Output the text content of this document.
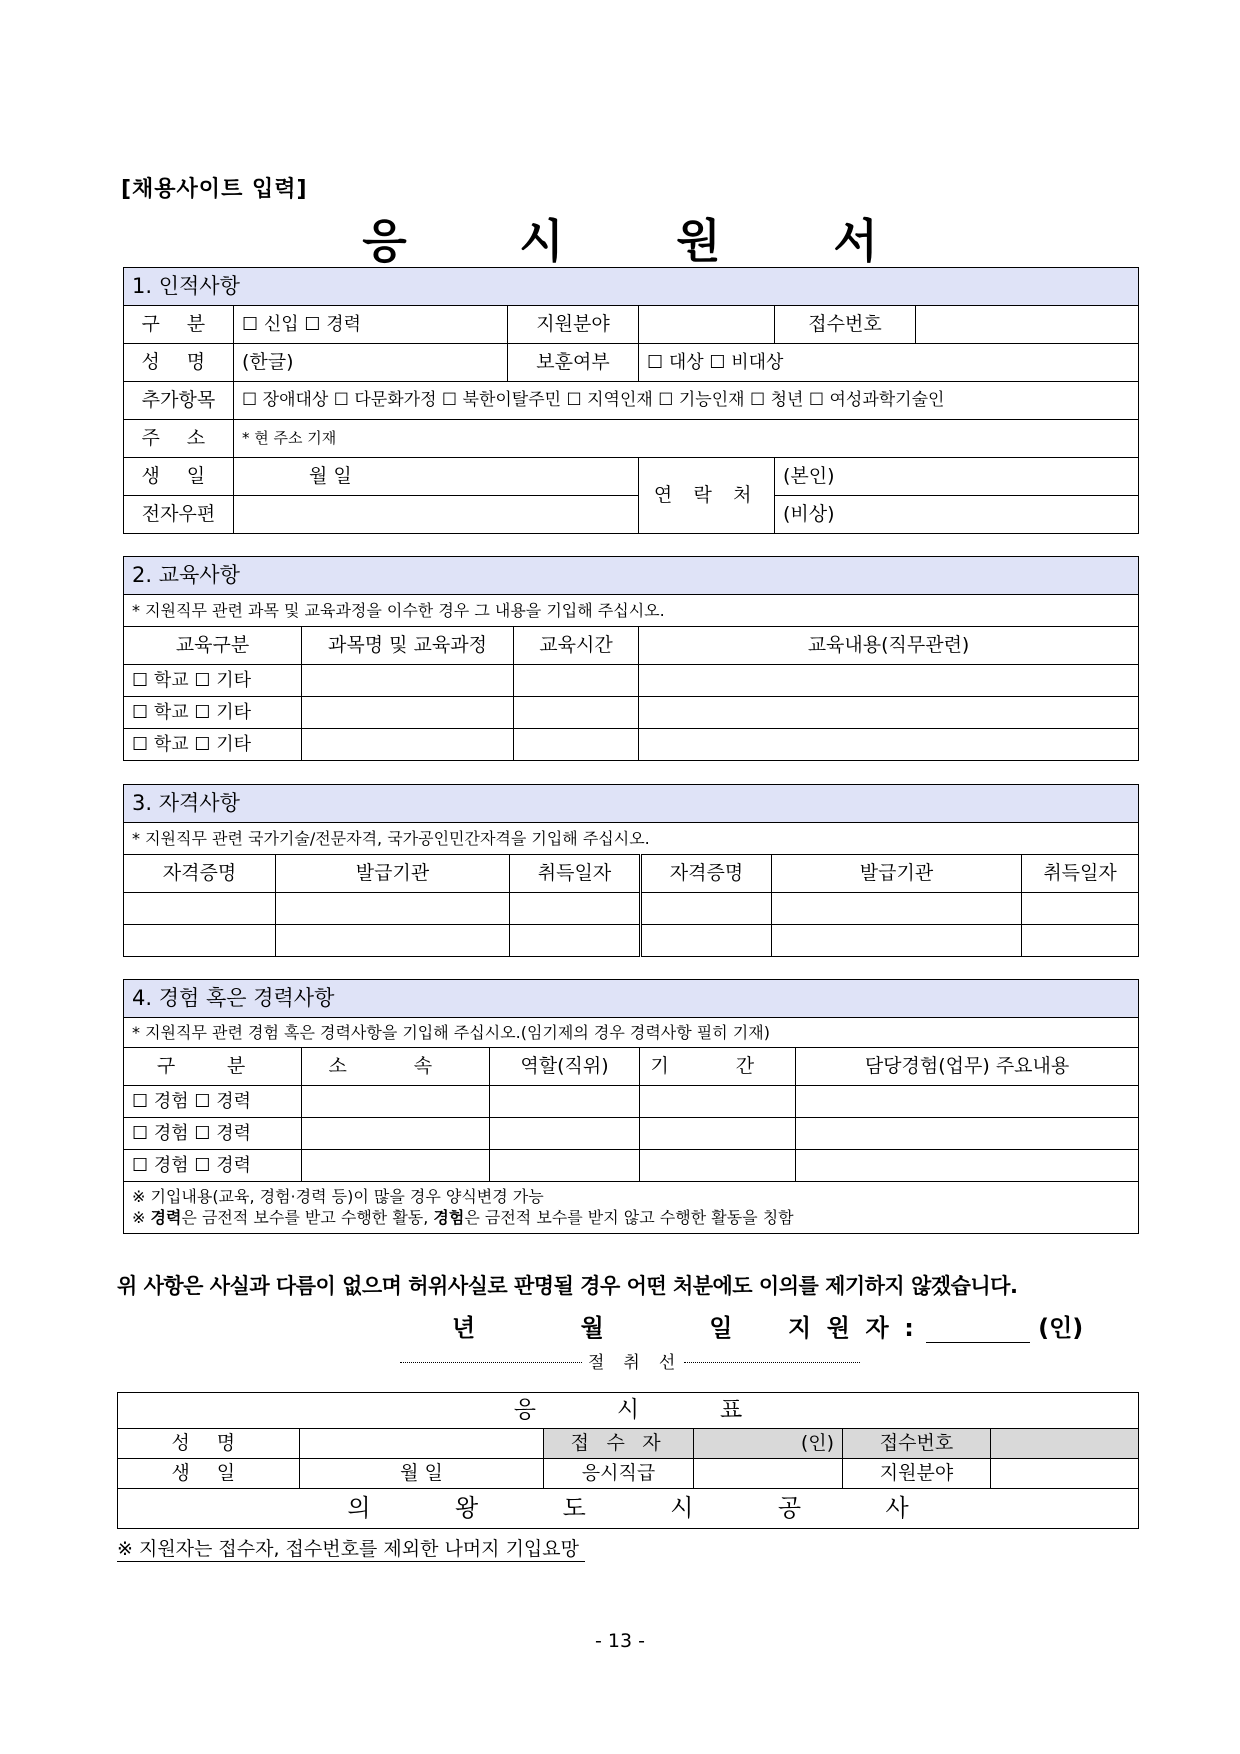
[채용사이트 입력]
응 시 원 서
1. 인적사항					
구 분	☐ 신입 ☐ 경력	지원분야		접수번호	
성 명	(한글)	보훈여부	☐ 대상 ☐ 비대상		
추가항목	☐ 장애대상 ☐ 다문화가정 ☐ 북한이탈주민 ☐ 지역인재 ☐ 기능인재 ☐ 청년 ☐ 여성과학기술인				
주 소	* 현 주소 기재				
생 일	월 일		연 락 처	(본인)	
전자우편				(비상)	
2. 교육사항			
* 지원직무 관련 과목 및 교육과정을 이수한 경우 그 내용을 기입해 주십시오.			
교육구분	과목명 및 교육과정	교육시간	교육내용(직무관련)
☐ 학교 ☐ 기타			
☐ 학교 ☐ 기타			
☐ 학교 ☐ 기타			
3. 자격사항					
* 지원직무 관련 국가기술/전문자격, 국가공인민간자격을 기입해 주십시오.					
자격증명	발급기관	취득일자	자격증명	발급기관	취득일자

4. 경험 혹은 경력사항				
* 지원직무 관련 경험 혹은 경력사항을 기입해 주십시오.(임기제의 경우 경력사항 필히 기재)				
구 분	소 속	역할(직위)	기 간	담당경험(업무) 주요내용
☐ 경험 ☐ 경력				
☐ 경험 ☐ 경력				
☐ 경험 ☐ 경력				

※ 기입내용(교육, 경험·경력 등)이 많을 경우 양식변경 가능
※ 경력은 금전적 보수를 받고 수행한 활동, 경험은 금전적 보수를 받지 않고 수행한 활동을 칭함				
위 사항은 사실과 다름이 없으며 허위사실로 판명될 경우 어떤 처분에도 이의를 제기하지 않겠습니다.
년    월    일 지 원 자 :	(인)
절 취 선
응 시 표					
성 명		접 수 자	(인)	접수번호	
생 일	월 일	응시직급		지원분야	
의 왕 도 시 공 사					
※ 지원자는 접수자, 접수번호를 제외한 나머지 기입요망
- 13 -
